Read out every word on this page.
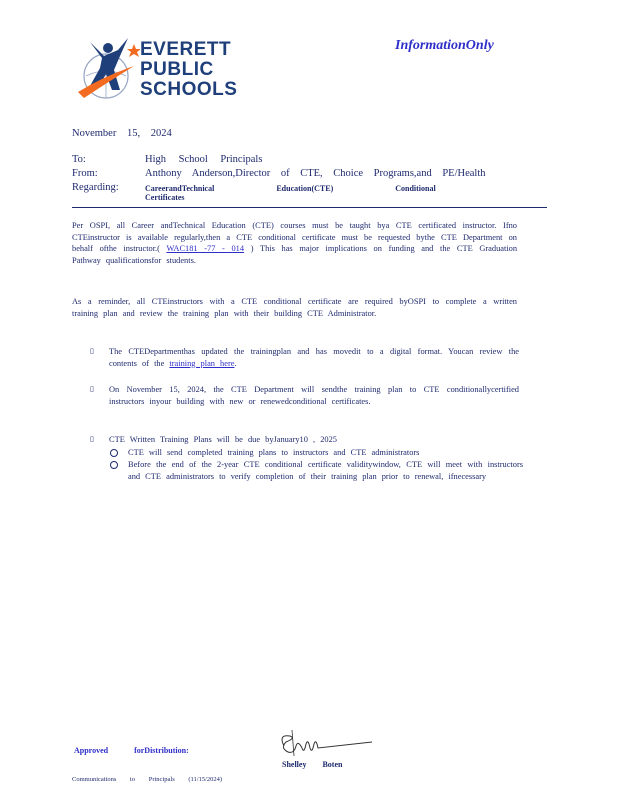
EVERETT
PUBLIC
SCHOOLS
InformationOnly
November 15, 2024
To:	High School Principals
From:	Anthony Anderson,Director of CTE, Choice Programs,and PE/Health
Regarding:	CareerandTechnical Education(CTE) Conditional Certificates
Per OSPI, all Career andTechnical Education (CTE) courses must be taught bya CTE certificated instructor. Ifno CTEinstructor is available regularly,then a CTE conditional certificate must be requested bythe CTE Department on behalf ofthe instructor.( WAC181 -77 - 014 ) This has major implications on funding and the CTE Graduation Pathway qualificationsfor students.
As a reminder, all CTEinstructors with a CTE conditional certificate are required byOSPI to complete a written training plan and review the training plan with their building CTE Administrator.
▯ The CTEDepartmenthas updated the trainingplan and has movedit to a digital format. Youcan review the contents of the training plan here.
▯ On November 15, 2024, the CTE Department will sendthe training plan to CTE conditionallycertified instructors inyour building with new or renewedconditional certificates.
▯ CTE Written Training Plans will be due byJanuary10 , 2025
CTE will send completed training plans to instructors and CTE administrators
Before the end of the 2-year CTE conditional certificate validitywindow, CTE will meet with instructors and CTE administrators to verify completion of their training plan prior to renewal, ifnecessary
Approved forDistribution:
Shelley Boten
Communications to Principals (11/15/2024)
